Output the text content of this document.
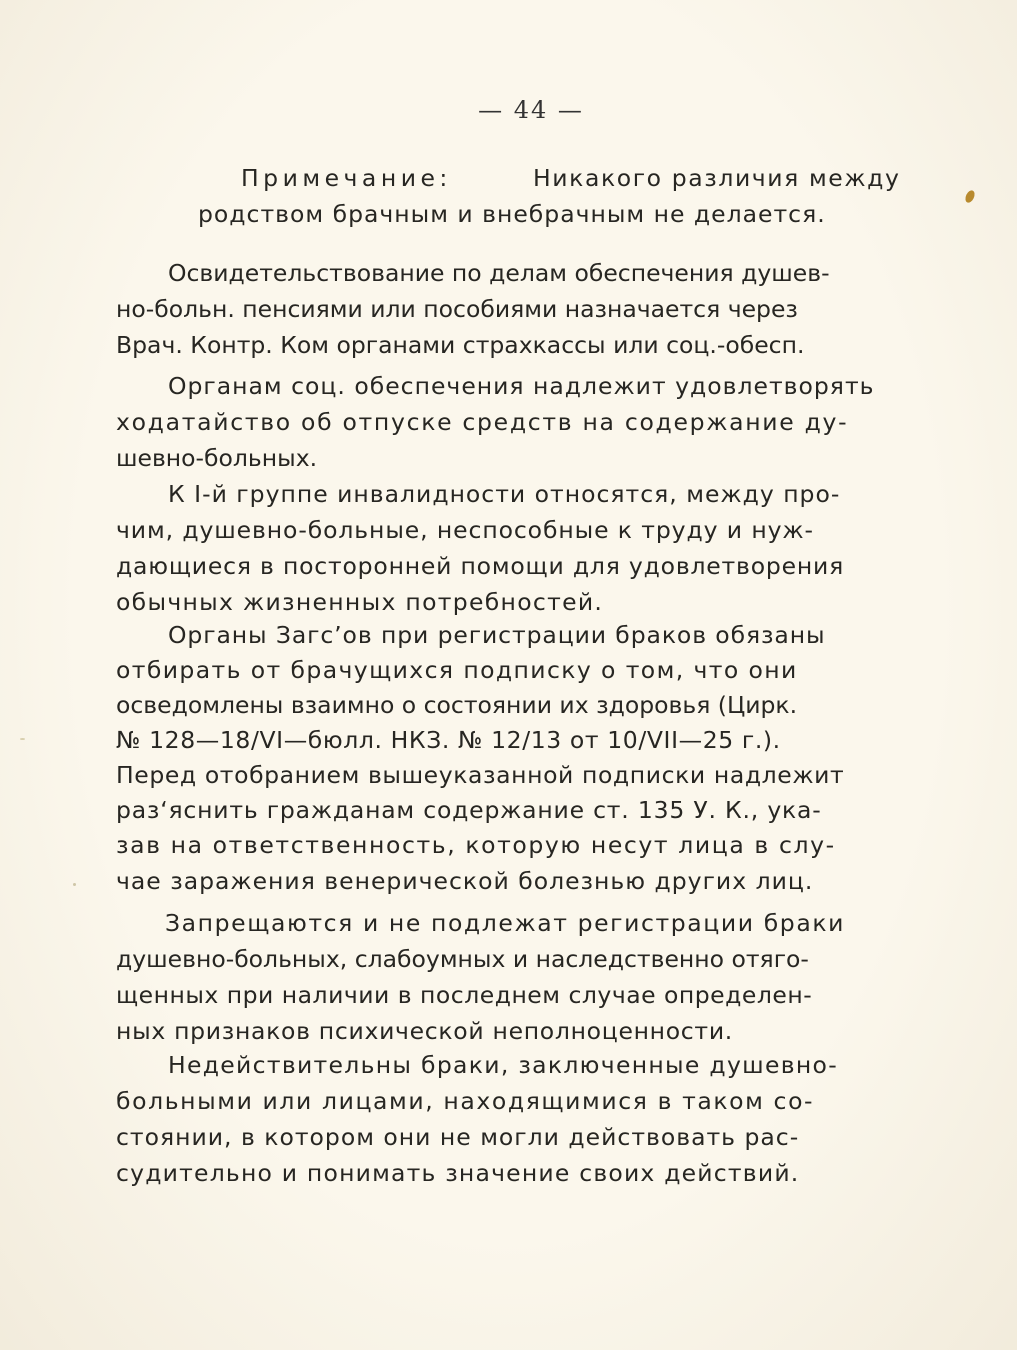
— 44 —
Примечание:	Никакого различия между
родством брачным и внебрачным не делается.
Освидетельствование по делам обеспечения душев-
но-больн. пенсиями или пособиями назначается через
Врач. Контр. Ком органами страхкассы или соц.-обесп.
Органам соц. обеспечения надлежит удовлетворять
ходатайство об отпуске средств на содержание ду-
шевно-больных.
К I-й группе инвалидности относятся, между про-
чим, душевно-больные, неспособные к труду и нуж-
дающиеся в посторонней помощи для удовлетворения
обычных жизненных потребностей.
Органы Загс’ов при регистрации браков обязаны
отбирать от брачущихся подписку о том, что они
осведомлены взаимно о состоянии их здоровья (Цирк.
№ 128—18/VI—бюлл. НКЗ. № 12/13 от 10/VII—25 г.).
Перед отобранием вышеуказанной подписки надлежит
раз‘яснить гражданам содержание ст. 135 У. К., ука-
зав на ответственность, которую несут лица в слу-
чае заражения венерической болезнью других лиц.
Запрещаются и не подлежат регистрации браки
душевно-больных, слабоумных и наследственно отяго-
щенных при наличии в последнем случае определен-
ных признаков психической неполноценности.
Недействительны браки, заключенные душевно-
больными или лицами, находящимися в таком со-
стоянии, в котором они не могли действовать рас-
судительно и понимать значение своих действий.
